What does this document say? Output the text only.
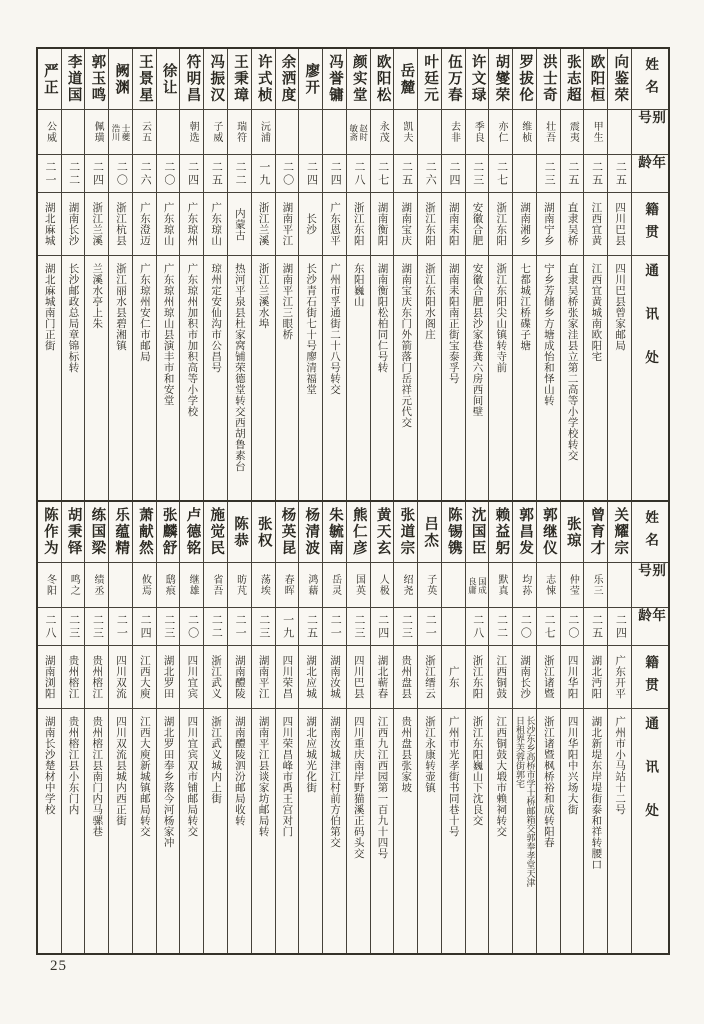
姓名
别号
年龄
籍贯
通讯处
向鉴荣
二五
四川巴县
四川巴县曾家邮局
欧阳桓
甲生
二五
江西宜黄
江西宜黄城南欧阳宅
张志超
震夷
二五
直隶吴桥
直隶吴桥张家洼县立第二高等小学校转交
洪士奇
壮吾
二三
湖南宁乡
宁乡芳储乡方塘成怡和怿山转
罗拔伦
维桢
湖南湘乡
七都城江桥碟子塘
胡燮荣
亦仁
二七
浙江东阳
浙江东阳尖山镇转寺前
许文琭
季良
二三
安徽合肥
安徽合肥县沙家巷龚六房西间壁
伍万春
去非
二四
湖南耒阳
湖南耒阳南正街宝泰孚号
叶廷元
二六
浙江东阳
浙江东阳水阁庄
岳麓
凯夫
二五
湖南宝庆
湖南宝庆东门外箭落门岳祥元代交
欧阳松
永茂
二七
湖南衡阳
湖南衡阳松柏同仁号转
颜实堂
赵时
敏斋
二八
浙江东阳
东阳巍山
冯誉镛
二四
广东恩平
广州市孚通街二十八号转交
廖开
二四
长沙
长沙青石街七十号廖清福堂
余洒度
二〇
湖南平江
湖南平江三眼桥
许式桢
沅浦
一九
浙江兰溪
浙江兰溪水埠
王秉璋
瑞符
二二
内蒙古
热河平泉县杜家窝铺荣德堂转交西胡鲁素台
冯振汉
子威
二五
广东琼山
琼州定安仙沟市公昌号
符明昌
朝选
二四
广东琼州
广东琼州加积市加积高等小学校
徐让
二〇
广东琼山
广东琼州琼山县演丰市和安堂
王景星
云五
二六
广东澄迈
广东琼州安仁市邮局
阙渊
士夔
浩川
二〇
浙江杭县
浙江丽水县碧湘镇
郭玉鸣
佩璜
二四
浙江兰溪
兰溪水亭上朱
李道国
二二
湖南长沙
长沙邮政总局章锦标转
严正
公威
二一
湖北麻城
湖北麻城南门正街
姓名
别号
年龄
籍贯
通讯处
关耀宗
二四
广东开平
广州市小马站十二号
曾育才
乐三
二五
湖北沔阳
湖北新堤东岸堤街泰和祥转腰口
张琼
仲莹
二〇
四川华阳
四川华阳中兴场大街
郭继仪
志悚
二七
浙江诸暨
浙江诸暨枫桥裕和成转阳春
郭昌发
均荪
二〇
湖南长沙
长沙东乡高桥市学士桥邮箱交郭奉孝堂天津
日租界芙蓉街郭宅
赖益躬
默真
二二
江西铜鼓
江西铜鼓大塅市赖祠转交
沈国臣
国成
良庸
二八
浙江东阳
浙江东阳巍山下沈良交
陈锡镌
广东
广州市光孝街书同巷十号
吕杰
子英
二一
浙江缙云
浙江永康转壶镇
张道宗
绍尧
二三
贵州盘县
贵州盘县张家坡
黄天玄
人极
二四
湖北蕲春
江西九江西园第一百九十四号
熊仁彦
国英
二三
四川巴县
四川重庆南岸野猫溪正码头交
朱毓南
岳灵
二一
湖南汝城
湖南汝城津江村前方伯第交
杨清波
鸿藉
二五
湖北应城
湖北应城光化街
杨英昆
春晖
一九
四川荣昌
四川荣昌峰市禹王宫对门
张权
荡埃
二三
湖南平江
湖南平江县谈家坊邮局转
陈恭
昉芃
二一
湖南醴陵
湖南醴陵泗汾邮局收转
施觉民
省吾
二二
浙江武义
浙江武义城内上街
卢德铭
继雄
二〇
四川宜宾
四川宜宾双市铺邮局转交
张麟舒
鸱痕
二三
湖北罗田
湖北罗田奉乡落今河杨家冲
萧献然
攸焉
二四
江西大庾
江西大庾新城镇邮局转交
乐蕴精
二一
四川双流
四川双流县城内西正街
练国梁
绩丞
二三
贵州榕江
贵州榕江县南门内马骡巷
胡秉铎
鸣之
二三
贵州榕江
贵州榕江县小东门内
陈作为
冬阳
二八
湖南浏阳
湖南长沙楚材中学校
25
